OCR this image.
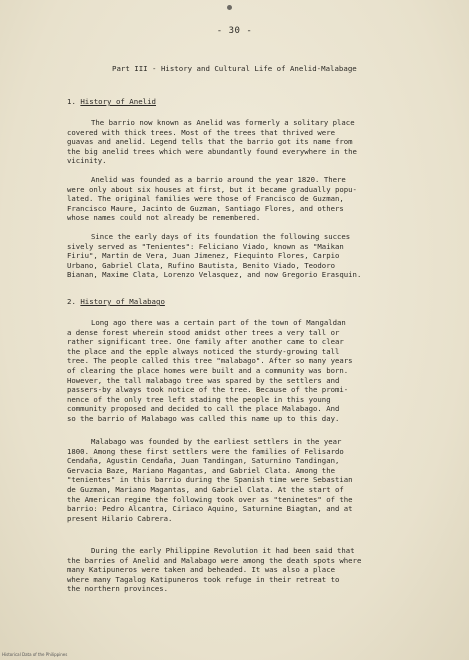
- 30 -
Part III - History and Cultural Life of Anelid-Malabage
1. History of Anelid
The barrio now known as Anelid was formerly a solitary place
covered with thick trees. Most of the trees that thrived were
guavas and anelid. Legend tells that the barrio got its name from
the big anelid trees which were abundantly found everywhere in the
vicinity.
Anelid was founded as a barrio around the year 1820. There
were only about six houses at first, but it became gradually popu-
lated. The original families were those of Francisco de Guzman,
Francisco Maure, Jacinto de Guzman, Santiago Flores, and others
whose names could not already be remembered.
Since the early days of its foundation the following succes
sively served as "Tenientes": Feliciano Viado, known as "Maikan
Firiu", Martin de Vera, Juan Jimenez, Fiequinto Flores, Carpio
Urbano, Gabriel Clata, Rufino Bautista, Benito Viado, Teodoro
Bianan, Maxime Clata, Lorenzo Velasquez, and now Gregorio Erasquin.
2. History of Malabago
Long ago there was a certain part of the town of Mangaldan
a dense forest wherein stood amidst other trees a very tall or
rather significant tree. One family after another came to clear
the place and the epple always noticed the sturdy-growing tall
tree. The people called this tree "malabago". After so many years
of clearing the place homes were built and a community was born.
However, the tall malabago tree was spared by the settlers and
passers-by always took notice of the tree. Because of the promi-
nence of the only tree left stading the people in this young
community proposed and decided to call the place Malabago. And
so the barrio of Malabago was called this name up to this day.
Malabago was founded by the earliest settlers in the year
1800. Among these first settlers were the families of Felisardo
Cendaña, Agustin Cendaña, Juan Tandingan, Saturnino Tandingan,
Gervacia Baze, Mariano Magantas, and Gabriel Clata. Among the
"tenientes" in this barrio during the Spanish time were Sebastian
de Guzman, Mariano Magantas, and Gabriel Clata. At the start of
the American regime the following took over as "teninetes" of the
barrio: Pedro Alcantra, Ciriaco Aquino, Saturnine Biagtan, and at
present Hilario Cabrera.
During the early Philippine Revolution it had been said that
the barries of Anelid and Malabago were among the death spots where
many Katipuneros were taken and beheaded. It was also a place
where many Tagalog Katipuneros took refuge in their retreat to
the northern provinces.
Historical Data of the Philippines
